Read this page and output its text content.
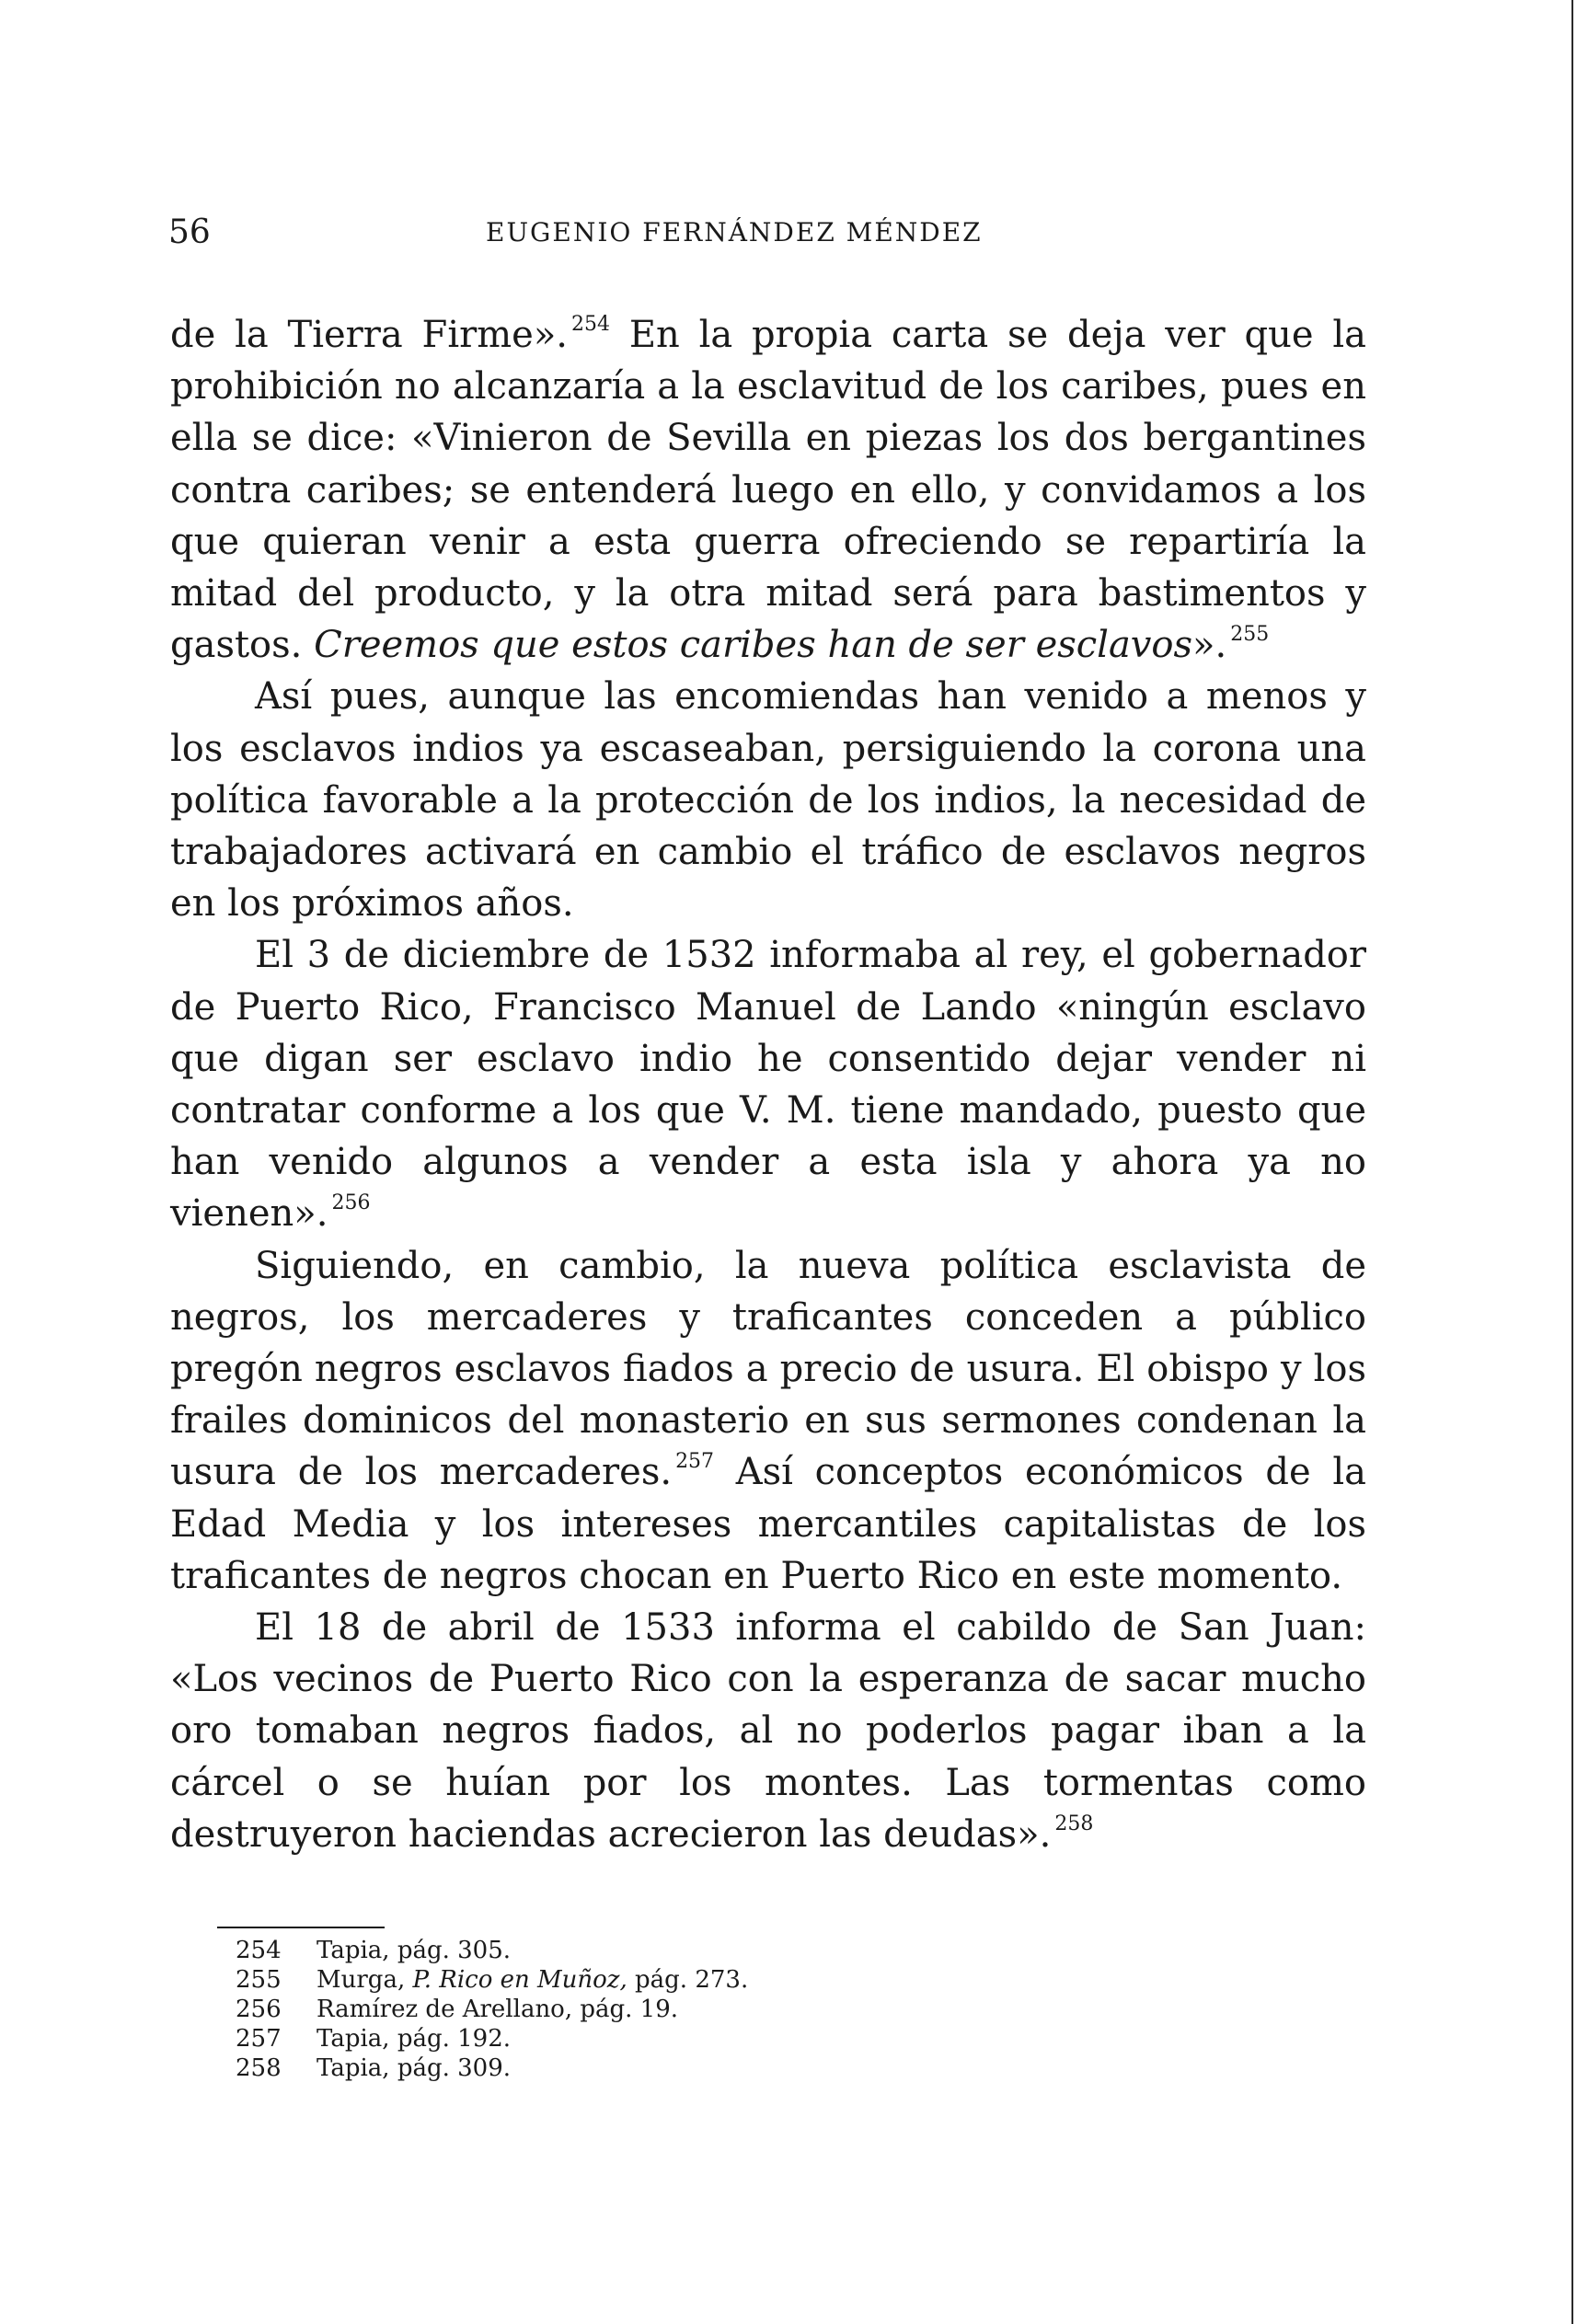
56	EUGENIO FERNÁNDEZ MÉNDEZ

de la Tierra Firme». $^{254}$ En la propia carta se deja ver que la prohibición no alcanzaría a la esclavitud de los caribes, pues en ella se dice: «Vinieron de Sevilla en piezas los dos bergantines contra caribes; se entenderá luego en ello, y convidamos a los que quieran venir a esta guerra ofreciendo se repartiría la mitad del producto, y la otra mitad será para bastimentos y gastos. Creemos que estos caribes han de ser esclavos». $^{255}$

Así pues, aunque las encomiendas han venido a menos y los esclavos indios ya escaseaban, persiguiendo la corona una política favorable a la protección de los indios, la necesidad de trabajadores activará en cambio el tráfico de esclavos negros en los próximos años.

El 3 de diciembre de 1532 informaba al rey, el gobernador de Puerto Rico, Francisco Manuel de Lando «ningún esclavo que digan ser esclavo indio he consentido dejar vender ni contratar conforme a los que V. M. tiene mandado, puesto que han venido algunos a vender a esta isla y ahora ya no vienen». $^{256}$

Siguiendo, en cambio, la nueva política esclavista de negros, los mercaderes y traficantes conceden a público pregón negros esclavos fiados a precio de usura. El obispo y los frailes dominicos del monasterio en sus sermones condenan la usura de los mercaderes. $^{257}$ Así conceptos económicos de la Edad Media y los intereses mercantiles capitalistas de los traficantes de negros chocan en Puerto Rico en este momento.

El 18 de abril de 1533 informa el cabildo de San Juan: «Los vecinos de Puerto Rico con la esperanza de sacar mucho oro tomaban negros fiados, al no poderlos pagar iban a la cárcel o se huían por los montes. Las tormentas como destruyeron haciendas acrecieron las deudas». $^{258}$

254	Tapia, pág. 305.
255	Murga, P. Rico en Muñoz, pág. 273.
256	Ramírez de Arellano, pág. 19.
257	Tapia, pág. 192.
258	Tapia, pág. 309.
